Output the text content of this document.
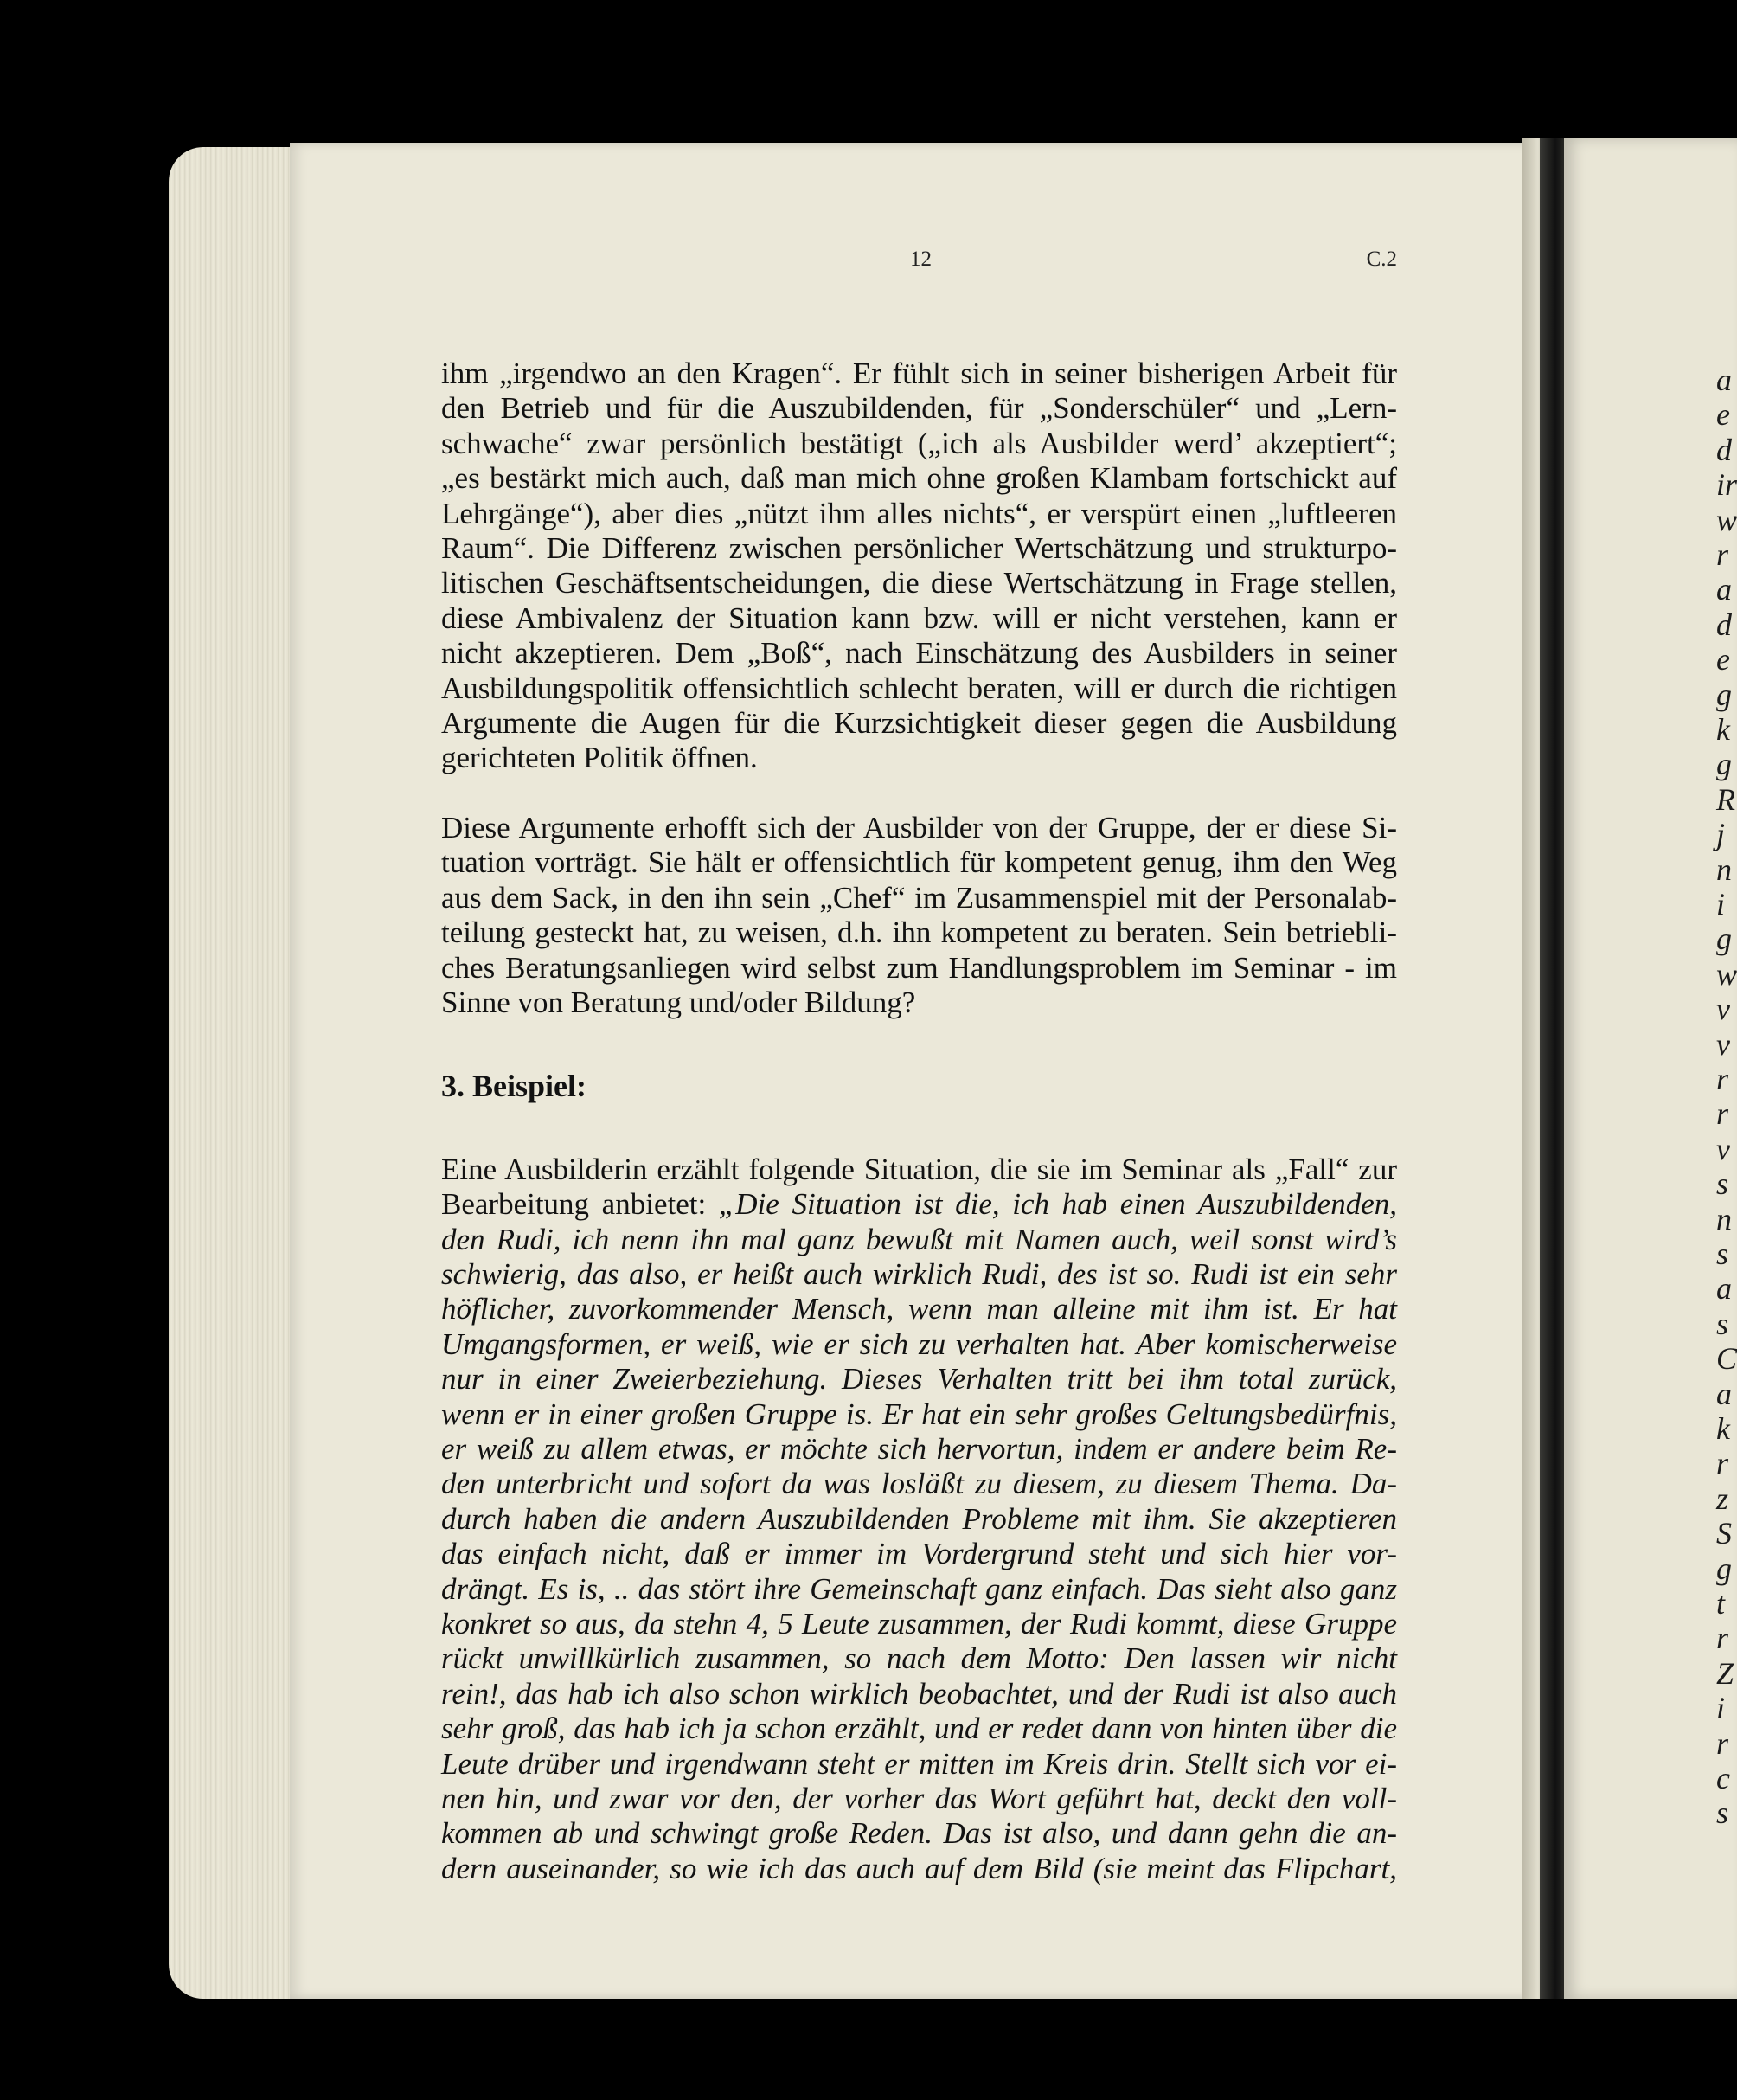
a
e
d
ir
w
r
a
d
e
g
k
g
R
j
n
i
g
w
v
v
r
r
v
s
n
s
a
s
C
a
k
r
z
S
g
t
r
Z
i
r
c
s
12	C.2
ihm „irgendwo an den Kragen“. Er fühlt sich in seiner bisherigen Arbeit für
den Betrieb und für die Auszubildenden, für „Sonderschüler“ und „Lern-
schwache“ zwar persönlich bestätigt („ich als Ausbilder werd’ akzeptiert“;
„es bestärkt mich auch, daß man mich ohne großen Klambam fortschickt auf
Lehrgänge“), aber dies „nützt ihm alles nichts“, er verspürt einen „luftleeren
Raum“. Die Differenz zwischen persönlicher Wertschätzung und strukturpo-
litischen Geschäftsentscheidungen, die diese Wertschätzung in Frage stellen,
diese Ambivalenz der Situation kann bzw. will er nicht verstehen, kann er
nicht akzeptieren. Dem „Boß“, nach Einschätzung des Ausbilders in seiner
Ausbildungspolitik offensichtlich schlecht beraten, will er durch die richtigen
Argumente die Augen für die Kurzsichtigkeit dieser gegen die Ausbildung
gerichteten Politik öffnen.
Diese Argumente erhofft sich der Ausbilder von der Gruppe, der er diese Si-
tuation vorträgt. Sie hält er offensichtlich für kompetent genug, ihm den Weg
aus dem Sack, in den ihn sein „Chef“ im Zusammenspiel mit der Personalab-
teilung gesteckt hat, zu weisen, d.h. ihn kompetent zu beraten. Sein betriebli-
ches Beratungsanliegen wird selbst zum Handlungsproblem im Seminar - im
Sinne von Beratung und/oder Bildung?
3. Beispiel:
Eine Ausbilderin erzählt folgende Situation, die sie im Seminar als „Fall“ zur
Bearbeitung anbietet: „Die Situation ist die, ich hab einen Auszubildenden,
den Rudi, ich nenn ihn mal ganz bewußt mit Namen auch, weil sonst wird’s
schwierig, das also, er heißt auch wirklich Rudi, des ist so. Rudi ist ein sehr
höflicher, zuvorkommender Mensch, wenn man alleine mit ihm ist. Er hat
Umgangsformen, er weiß, wie er sich zu verhalten hat. Aber komischerweise
nur in einer Zweierbeziehung. Dieses Verhalten tritt bei ihm total zurück,
wenn er in einer großen Gruppe is. Er hat ein sehr großes Geltungsbedürfnis,
er weiß zu allem etwas, er möchte sich hervortun, indem er andere beim Re-
den unterbricht und sofort da was losläßt zu diesem, zu diesem Thema. Da-
durch haben die andern Auszubildenden Probleme mit ihm. Sie akzeptieren
das einfach nicht, daß er immer im Vordergrund steht und sich hier vor-
drängt. Es is, .. das stört ihre Gemeinschaft ganz einfach. Das sieht also ganz
konkret so aus, da stehn 4, 5 Leute zusammen, der Rudi kommt, diese Gruppe
rückt unwillkürlich zusammen, so nach dem Motto: Den lassen wir nicht
rein!, das hab ich also schon wirklich beobachtet, und der Rudi ist also auch
sehr groß, das hab ich ja schon erzählt, und er redet dann von hinten über die
Leute drüber und irgendwann steht er mitten im Kreis drin. Stellt sich vor ei-
nen hin, und zwar vor den, der vorher das Wort geführt hat, deckt den voll-
kommen ab und schwingt große Reden. Das ist also, und dann gehn die an-
dern auseinander, so wie ich das auch auf dem Bild (sie meint das Flipchart,
